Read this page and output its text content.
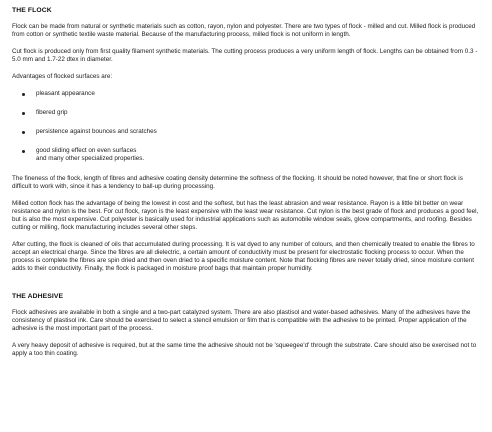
THE FLOCK

Flock can be made from natural or synthetic materials such as cotton, rayon, nylon and polyester. There are two types of flock - milled and cut. Milled flock is produced from cotton or synthetic textile waste material. Because of the manufacturing process, milled flock is not uniform in length.

Cut flock is produced only from first quality filament synthetic materials. The cutting process produces a very uniform length of flock. Lengths can be obtained from 0.3 - 5.0 mm and 1.7-22 dtex in diameter.

Advantages of flocked surfaces are:

pleasant appearance
fibered grip
persistence against bounces and scratches
good sliding effect on even surfaces
and many other specialized properties.

The fineness of the flock, length of fibres and adhesive coating density determine the softness of the flocking. It should be noted however, that fine or short flock is difficult to work with, since it has a tendency to ball-up during processing.

Milled cotton flock has the advantage of being the lowest in cost and the softest, but has the least abrasion and wear resistance. Rayon is a little bit better on wear resistance and nylon is the best. For cut flock, rayon is the least expensive with the least wear resistance. Cut nylon is the best grade of flock and produces a good feel, but is also the most expensive. Cut polyester is basically used for industrial applications such as automobile window seals, glove compartments, and roofing. Besides cutting or milling, flock manufacturing includes several other steps.

After cutting, the flock is cleaned of oils that accumulated during processing. It is vat dyed to any number of colours, and then chemically treated to enable the fibres to accept an electrical charge. Since the fibres are all dielectric, a certain amount of conductivity must be present for electrostatic flocking process to occur. When the process is complete the fibres are spin dried and then oven dried to a specific moisture content. Note that flocking fibres are never totally dried, since moisture content adds to their conductivity. Finally, the flock is packaged in moisture proof bags that maintain proper humidity.

THE ADHESIVE

Flock adhesives are available in both a single and a two-part catalyzed system. There are also plastisol and water-based adhesives. Many of the adhesives have the consistency of plastisol ink. Care should be exercised to select a stencil emulsion or film that is compatible with the adhesive to be printed. Proper application of the adhesive is the most important part of the process.

A very heavy deposit of adhesive is required, but at the same time the adhesive should not be 'squeegee'd' through the substrate. Care should also be exercised not to apply a too thin coating.
